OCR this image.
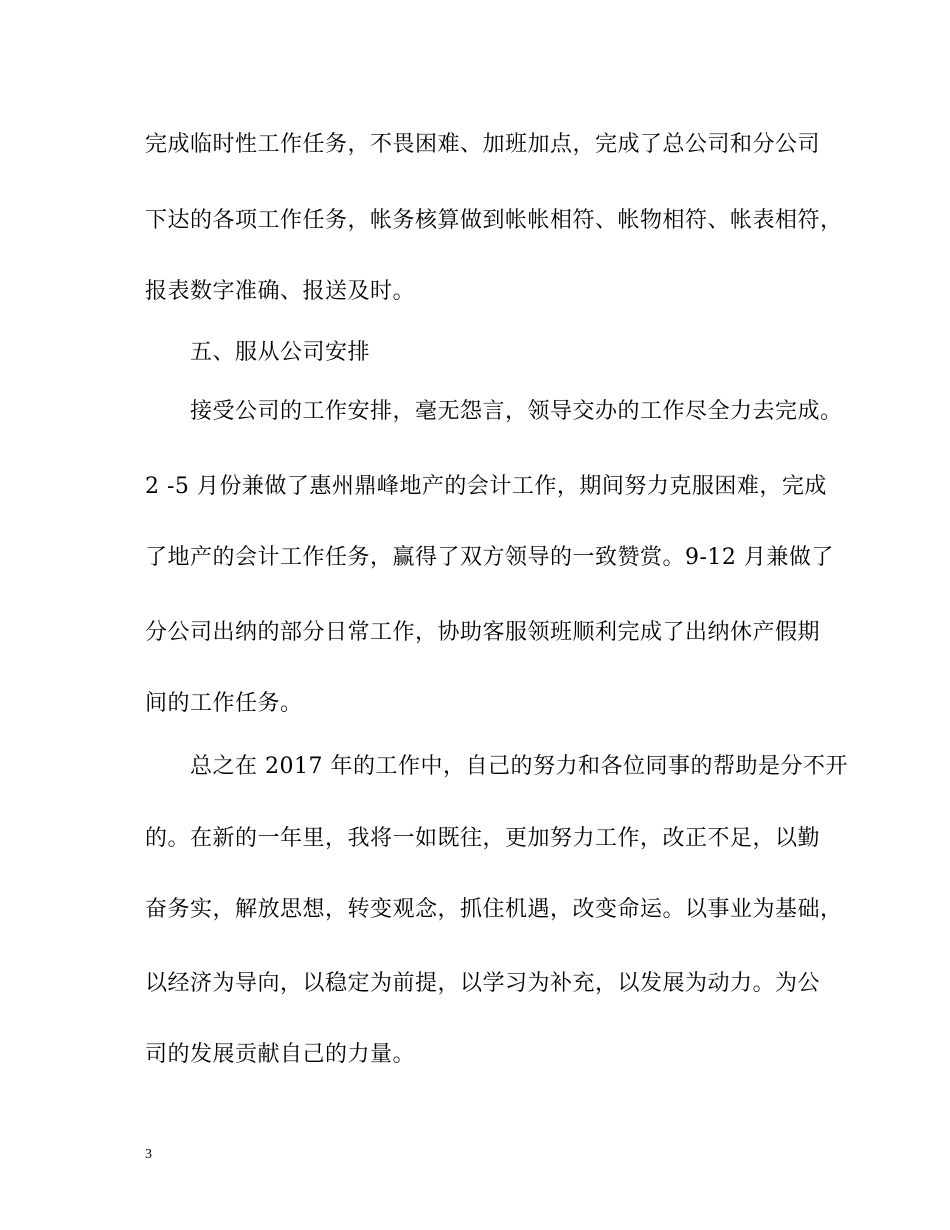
完成临时性工作任务，不畏困难、加班加点，完成了总公司和分公司
下达的各项工作任务，帐务核算做到帐帐相符、帐物相符、帐表相符，
报表数字准确、报送及时。
五、服从公司安排
接受公司的工作安排，毫无怨言，领导交办的工作尽全力去完成。
2 -5 月份兼做了惠州鼎峰地产的会计工作，期间努力克服困难，完成
了地产的会计工作任务，赢得了双方领导的一致赞赏。9-12 月兼做了
分公司出纳的部分日常工作，协助客服领班顺利完成了出纳休产假期
间的工作任务。
总之在 2017 年的工作中，自己的努力和各位同事的帮助是分不开
的。在新的一年里，我将一如既往，更加努力工作，改正不足，以勤
奋务实，解放思想，转变观念，抓住机遇，改变命运。以事业为基础，
以经济为导向，以稳定为前提，以学习为补充，以发展为动力。为公
司的发展贡献自己的力量。
3
